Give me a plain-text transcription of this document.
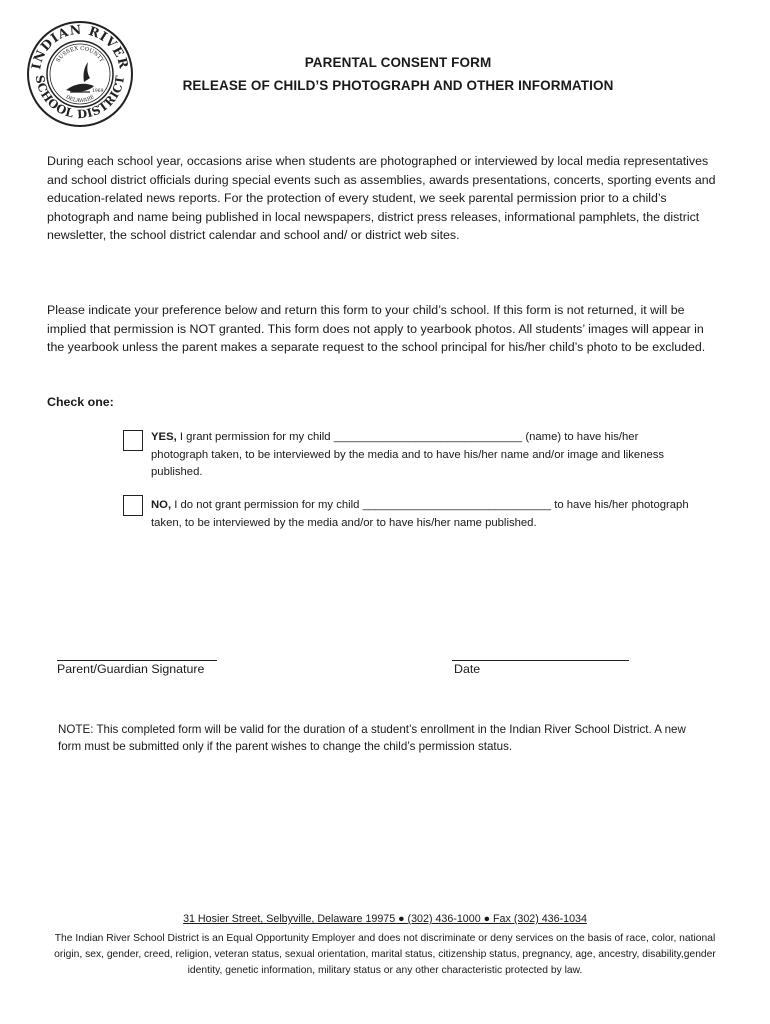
INDIAN RIVER
SCHOOL DISTRICT
SUSSEX COUNTY
DELAWARE
1969
PARENTAL CONSENT FORM
RELEASE OF CHILD’S PHOTOGRAPH AND OTHER INFORMATION

During each school year, occasions arise when students are photographed or interviewed by local media representatives and school district officials during special events such as assemblies, awards presentations, concerts, sporting events and education-related news reports. For the protection of every student, we seek parental permission prior to a child’s photograph and name being published in local newspapers, district press releases, informational pamphlets, the district newsletter, the school district calendar and school and/ or district web sites.

Please indicate your preference below and return this form to your child’s school. If this form is not returned, it will be implied that permission is NOT granted. This form does not apply to yearbook photos. All students’ images will appear in the yearbook unless the parent makes a separate request to the school principal for his/her child’s photo to be excluded.

Check one:

YES, I grant permission for my child ______________________________ (name) to have his/her photograph taken, to be interviewed by the media and to have his/her name and/or image and likeness published.

NO, I do not grant permission for my child ______________________________ to have his/her photograph taken, to be interviewed by the media and/or to have his/her name published.

Parent/Guardian Signature	Date

NOTE: This completed form will be valid for the duration of a student’s enrollment in the Indian River School District. A new form must be submitted only if the parent wishes to change the child’s permission status.

31 Hosier Street, Selbyville, Delaware 19975 ● (302) 436-1000 ● Fax (302) 436-1034

The Indian River School District is an Equal Opportunity Employer and does not discriminate or deny services on the basis of race, color, national origin, sex, gender, creed, religion, veteran status, sexual orientation, marital status, citizenship status, pregnancy, age, ancestry, disability,gender identity, genetic information, military status or any other characteristic protected by law.
